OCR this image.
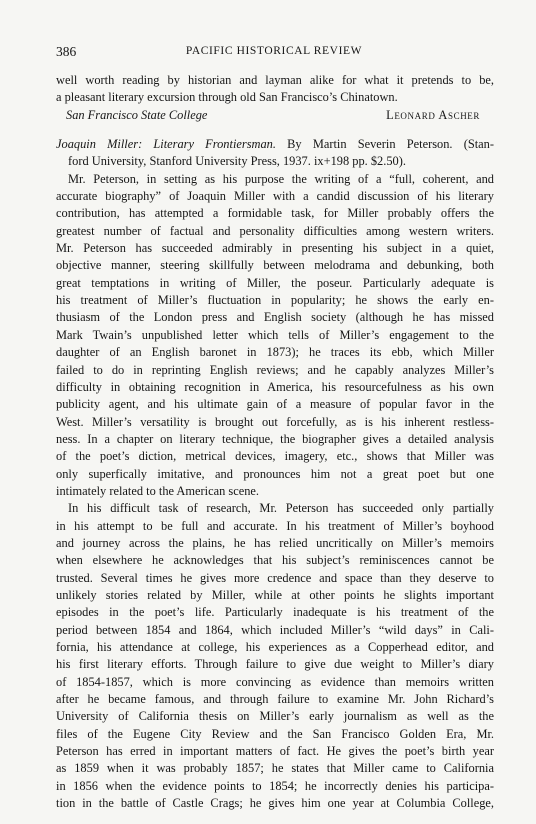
386	PACIFIC HISTORICAL REVIEW
well worth reading by historian and layman alike for what it pretends to be,
a pleasant literary excursion through old San Francisco’s Chinatown.
San Francisco State College	Leonard Ascher
Joaquin Miller: Literary Frontiersman. By Martin Severin Peterson. (Stan-
ford University, Stanford University Press, 1937. ix+198 pp. $2.50).
Mr. Peterson, in setting as his purpose the writing of a “full, coherent, and
accurate biography” of Joaquin Miller with a candid discussion of his literary
contribution, has attempted a formidable task, for Miller probably offers the
greatest number of factual and personality difficulties among western writers.
Mr. Peterson has succeeded admirably in presenting his subject in a quiet,
objective manner, steering skillfully between melodrama and debunking, both
great temptations in writing of Miller, the poseur. Particularly adequate is
his treatment of Miller’s fluctuation in popularity; he shows the early en-
thusiasm of the London press and English society (although he has missed
Mark Twain’s unpublished letter which tells of Miller’s engagement to the
daughter of an English baronet in 1873); he traces its ebb, which Miller
failed to do in reprinting English reviews; and he capably analyzes Miller’s
difficulty in obtaining recognition in America, his resourcefulness as his own
publicity agent, and his ultimate gain of a measure of popular favor in the
West. Miller’s versatility is brought out forcefully, as is his inherent restless-
ness. In a chapter on literary technique, the biographer gives a detailed analysis
of the poet’s diction, metrical devices, imagery, etc., shows that Miller was
only superfically imitative, and pronounces him not a great poet but one
intimately related to the American scene.
In his difficult task of research, Mr. Peterson has succeeded only partially
in his attempt to be full and accurate. In his treatment of Miller’s boyhood
and journey across the plains, he has relied uncritically on Miller’s memoirs
when elsewhere he acknowledges that his subject’s reminiscences cannot be
trusted. Several times he gives more credence and space than they deserve to
unlikely stories related by Miller, while at other points he slights important
episodes in the poet’s life. Particularly inadequate is his treatment of the
period between 1854 and 1864, which included Miller’s “wild days” in Cali-
fornia, his attendance at college, his experiences as a Copperhead editor, and
his first literary efforts. Through failure to give due weight to Miller’s diary
of 1854-1857, which is more convincing as evidence than memoirs written
after he became famous, and through failure to examine Mr. John Richard’s
University of California thesis on Miller’s early journalism as well as the
files of the Eugene City Review and the San Francisco Golden Era, Mr.
Peterson has erred in important matters of fact. He gives the poet’s birth year
as 1859 when it was probably 1857; he states that Miller came to California
in 1856 when the evidence points to 1854; he incorrectly denies his participa-
tion in the battle of Castle Crags; he gives him one year at Columbia College,
